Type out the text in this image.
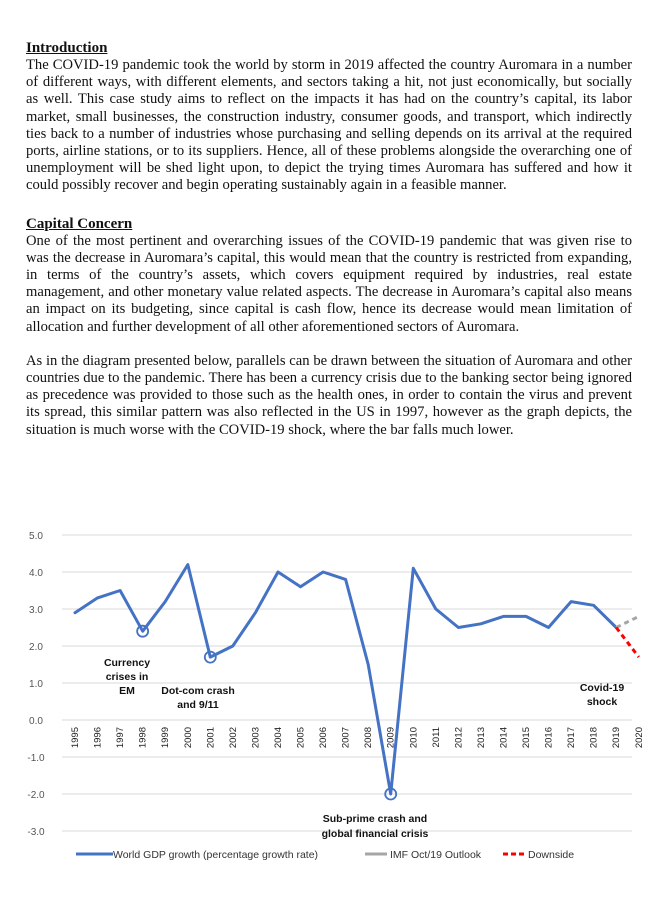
Introduction

The COVID-19 pandemic took the world by storm in 2019 affected the country Auromara in a number of different ways, with different elements, and sectors taking a hit, not just economically, but socially as well. This case study aims to reflect on the impacts it has had on the country’s capital, its labor market, small businesses, the construction industry, consumer goods, and transport, which indirectly ties back to a number of industries whose purchasing and selling depends on its arrival at the required ports, airline stations, or to its suppliers. Hence, all of these problems alongside the overarching one of unemployment will be shed light upon, to depict the trying times Auromara has suffered and how it could possibly recover and begin operating sustainably again in a feasible manner.

Capital Concern

One of the most pertinent and overarching issues of the COVID-19 pandemic that was given rise to was the decrease in Auromara’s capital, this would mean that the country is restricted from expanding, in terms of the country’s assets, which covers equipment required by industries, real estate management, and other monetary value related aspects. The decrease in Auromara’s capital also means an impact on its budgeting, since capital is cash flow, hence its decrease would mean limitation of allocation and further development of all other aforementioned sectors of Auromara.

As in the diagram presented below, parallels can be drawn between the situation of Auromara and other countries due to the pandemic. There has been a currency crisis due to the banking sector being ignored as precedence was provided to those such as the health ones, in order to contain the virus and prevent its spread, this similar pattern was also reflected in the US in 1997, however as the graph depicts, the situation is much worse with the COVID-19 shock, where the bar falls much lower.

5.0
4.0
3.0
2.0
1.0
0.0
-1.0
-2.0
-3.0
1995 1996 1997 1998 1999 2000 2001 2002 2003 2004 2005 2006 2007 2008 2009 2010 2011 2012 2013 2014 2015 2016 2017 2018 2019 2020
Currency
crises in
EM	Dot-com crash
and 9/11
Sub-prime crash and
global financial crisis
Covid-19
shock
World GDP growth (percentage growth rate)	IMF Oct/19 Outlook	Downside
